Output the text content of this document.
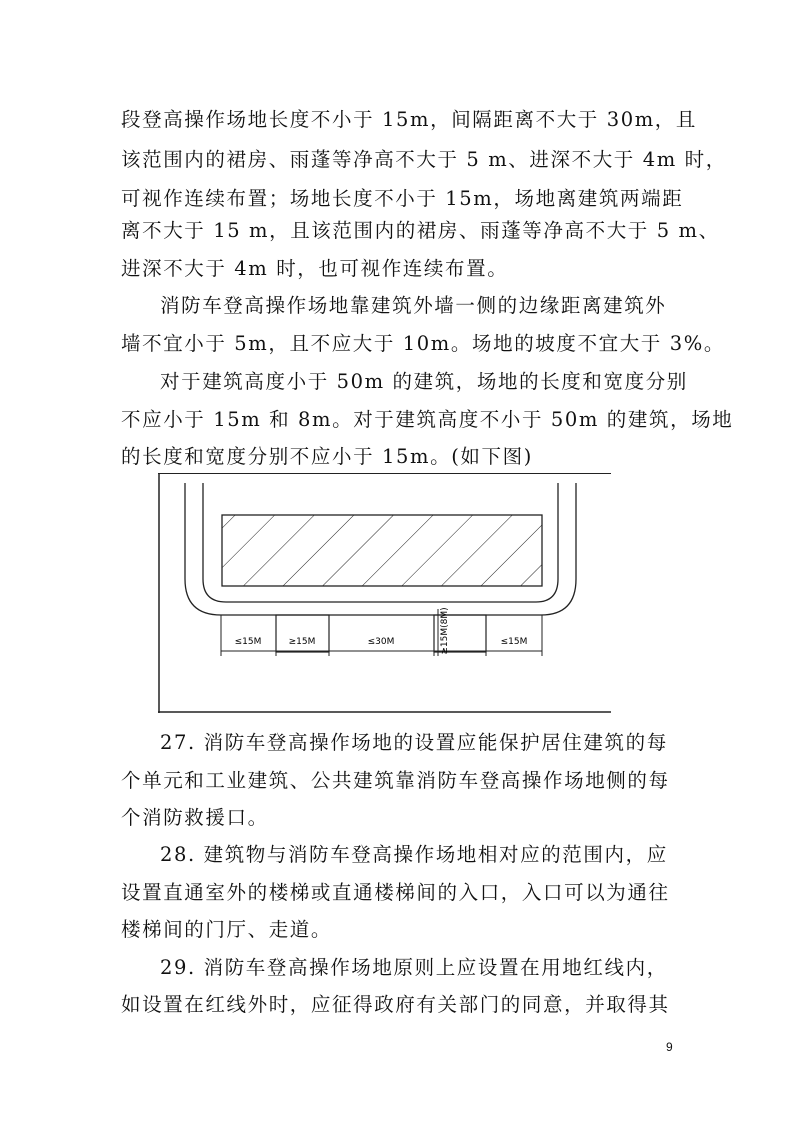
段登高操作场地长度不小于 15m，间隔距离不大于 30m，且
该范围内的裙房、雨蓬等净高不大于 5 m、进深不大于 4m 时，
可视作连续布置；场地长度不小于 15m，场地离建筑两端距
离不大于 15 m，且该范围内的裙房、雨蓬等净高不大于 5 m、
进深不大于 4m 时，也可视作连续布置。
消防车登高操作场地靠建筑外墙一侧的边缘距离建筑外
墙不宜小于 5m，且不应大于 10m。场地的坡度不宜大于 3%。
对于建筑高度小于 50m 的建筑，场地的长度和宽度分别
不应小于 15m 和 8m。对于建筑高度不小于 50m 的建筑，场地
的长度和宽度分别不应小于 15m。(如下图)
≤15M	≥15M	≤30M	≤15M
≥15M(8M)
27. 消防车登高操作场地的设置应能保护居住建筑的每
个单元和工业建筑、公共建筑靠消防车登高操作场地侧的每
个消防救援口。
28. 建筑物与消防车登高操作场地相对应的范围内，应
设置直通室外的楼梯或直通楼梯间的入口，入口可以为通往
楼梯间的门厅、走道。
29. 消防车登高操作场地原则上应设置在用地红线内，
如设置在红线外时，应征得政府有关部门的同意，并取得其
9
